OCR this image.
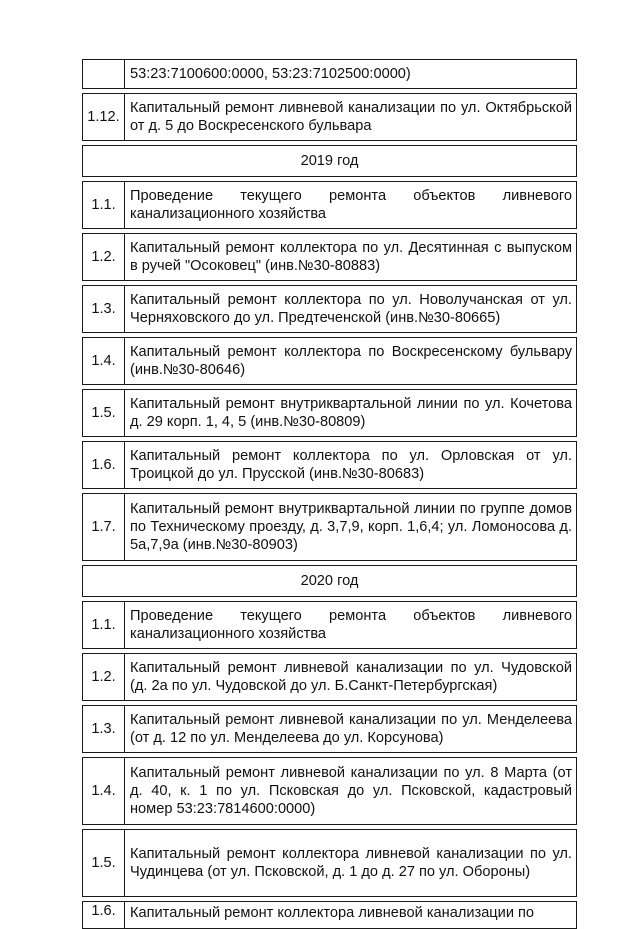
	53:23:7100600:0000, 53:23:7102500:0000)

1.12.	Капитальный ремонт ливневой канализации по ул. Октябрьской от д. 5 до Воскресенского бульвара

2019 год	

1.1.	Проведение текущего ремонта объектов ливневого канализационного хозяйства

1.2.	Капитальный ремонт коллектора по ул. Десятинная с выпуском в ручей "Осоковец" (инв.№30-80883)

1.3.	Капитальный ремонт коллектора по ул. Новолучанская от ул. Черняховского до ул. Предтеченской (инв.№30-80665)

1.4.	Капитальный ремонт коллектора по Воскресенскому бульвару (инв.№30-80646)

1.5.	Капитальный ремонт внутриквартальной линии по ул. Кочетова д. 29 корп. 1, 4, 5 (инв.№30-80809)

1.6.	Капитальный ремонт коллектора по ул. Орловская от ул. Троицкой до ул. Прусской (инв.№30-80683)

1.7.	Капитальный ремонт внутриквартальной линии по группе домов по Техническому проезду, д. 3,7,9, корп. 1,6,4; ул. Ломоносова д. 5а,7,9а (инв.№30-80903)

2020 год	

1.1.	Проведение текущего ремонта объектов ливневого канализационного хозяйства

1.2.	Капитальный ремонт ливневой канализации по ул. Чудовской (д. 2а по ул. Чудовской до ул. Б.Санкт-Петербургская)

1.3.	Капитальный ремонт ливневой канализации по ул. Менделеева (от д. 12 по ул. Менделеева до ул. Корсунова)

1.4.	Капитальный ремонт ливневой канализации по ул. 8 Марта (от д. 40, к. 1 по ул. Псковская до ул. Псковской, кадастровый номер 53:23:7814600:0000)

1.5.	Капитальный ремонт коллектора ливневой канализации по ул. Чудинцева (от ул. Псковской, д. 1 до д. 27 по ул. Обороны)

1.6.	Капитальный ремонт коллектора ливневой канализации по
